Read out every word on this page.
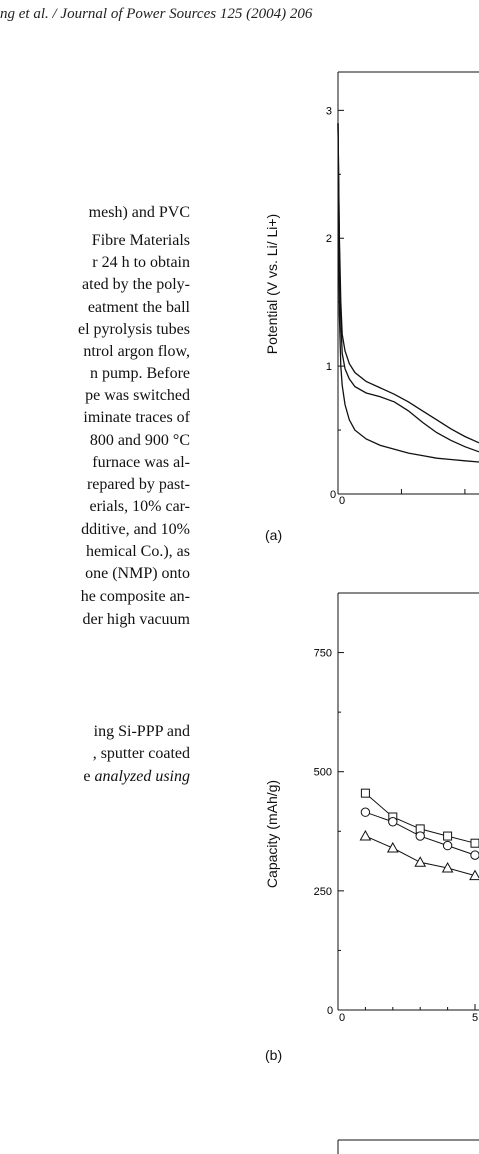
ng et al. / Journal of Power Sources 125 (2004) 206
mesh) and PVC
Fibre Materials
r 24 h to obtain
ated by the poly-
eatment the ball
el pyrolysis tubes
ntrol argon flow,
n pump. Before
pe was switched
iminate traces of
800 and 900 °C
furnace was al-
repared by past-
erials, 10% car-
dditive, and 10%
hemical Co.), as
one (NMP) onto
he composite an-
der high vacuum
ing Si-PPP and
, sputter coated
e analyzed using
Potential (V vs. Li/ Li+)
1
2
3
0 0
(a)
Capacity (mAh/g)
0
250
500
750
0	5
(b)
